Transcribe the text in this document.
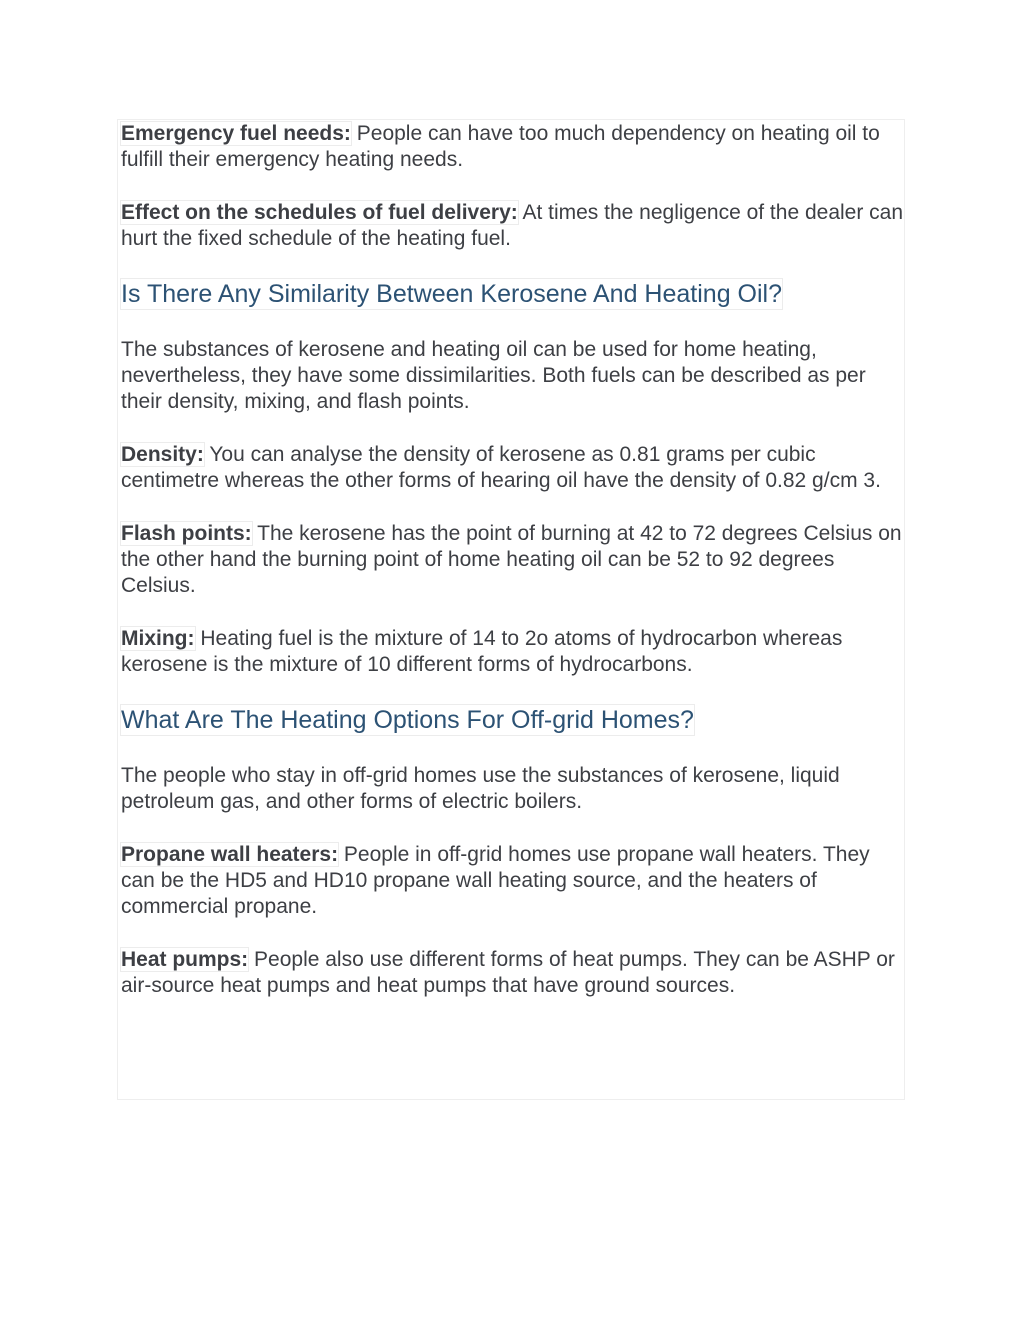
Emergency fuel needs: People can have too much dependency on heating oil to fulfill their emergency heating needs.

Effect on the schedules of fuel delivery: At times the negligence of the dealer can hurt the fixed schedule of the heating fuel.

Is There Any Similarity Between Kerosene And Heating Oil?

The substances of kerosene and heating oil can be used for home heating, nevertheless, they have some dissimilarities. Both fuels can be described as per their density, mixing, and flash points.

Density: You can analyse the density of kerosene as 0.81 grams per cubic centimetre whereas the other forms of hearing oil have the density of 0.82 g/cm 3.

Flash points: The kerosene has the point of burning at 42 to 72 degrees Celsius on the other hand the burning point of home heating oil can be 52 to 92 degrees Celsius.

Mixing: Heating fuel is the mixture of 14 to 2o atoms of hydrocarbon whereas kerosene is the mixture of 10 different forms of hydrocarbons.

What Are The Heating Options For Off-grid Homes?

The people who stay in off-grid homes use the substances of kerosene, liquid petroleum gas, and other forms of electric boilers.

Propane wall heaters: People in off-grid homes use propane wall heaters. They can be the HD5 and HD10 propane wall heating source, and the heaters of commercial propane.

Heat pumps: People also use different forms of heat pumps. They can be ASHP or air-source heat pumps and heat pumps that have ground sources.
